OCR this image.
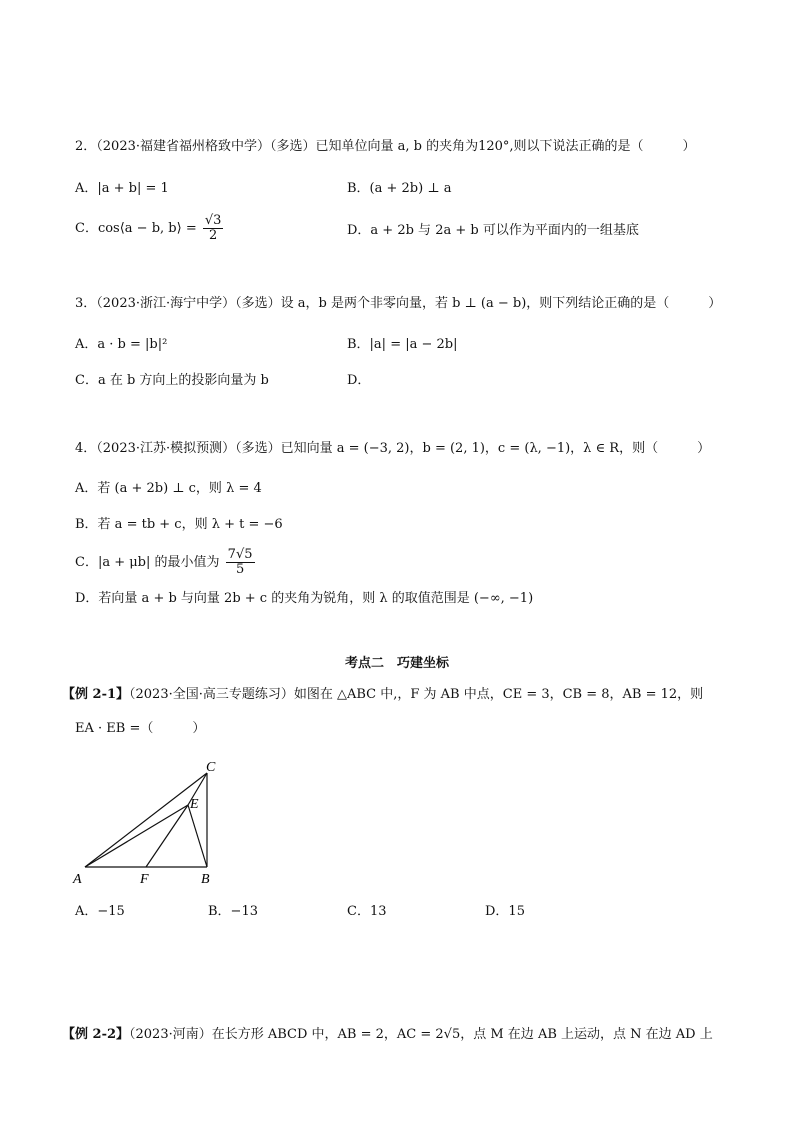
2．（2023·福建省福州格致中学）（多选）已知单位向量 a, b 的夹角为120°,则以下说法正确的是（　　　）
A．|a + b| = 1	B．(a + 2b) ⊥ a
C．cos⟨a − b, b⟩ = $\frac{√3}{2}$	D．a + 2b 与 2a + b 可以作为平面内的一组基底
3．（2023·浙江·海宁中学）（多选）设 a，b 是两个非零向量，若 b ⊥ (a − b)，则下列结论正确的是（　　　）
A．a · b = |b|²	B．|a| = |a − 2b|
C．a 在 b 方向上的投影向量为 b	D．
4．（2023·江苏·模拟预测）（多选）已知向量 a = (−3, 2)，b = (2, 1)，c = (λ, −1)，λ ∈ R，则（　　　）
A．若 (a + 2b) ⊥ c，则 λ = 4
B．若 a = tb + c，则 λ + t = −6
C．|a + μb| 的最小值为 $\frac{7√5}{5}$
D．若向量 a + b 与向量 2b + c 的夹角为锐角，则 λ 的取值范围是 (−∞, −1)
考点二　巧建坐标
【例 2-1】（2023·全国·高三专题练习）如图在 △ABC 中,，F 为 AB 中点，CE = 3，CB = 8，AB = 12，则
EA · EB =（　　　）
C
E
A	F	B
A．−15	B．−13	C．13	D．15
【例 2-2】（2023·河南）在长方形 ABCD 中，AB = 2，AC = 2√5，点 M 在边 AB 上运动，点 N 在边 AD 上
